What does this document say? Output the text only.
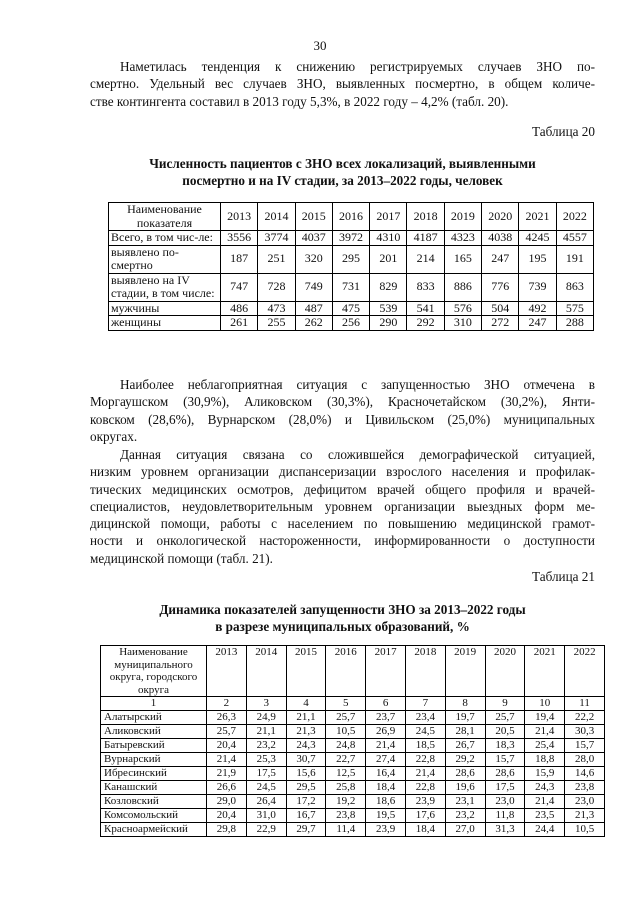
30

Наметилась тенденция к снижению регистрируемых случаев ЗНО по-
смертно. Удельный вес случаев ЗНО, выявленных посмертно, в общем количе-
стве контингента составил в 2013 году 5,3%, в 2022 году – 4,2% (табл. 20).

Таблица 20
Численность пациентов с ЗНО всех локализаций, выявленными
посмертно и на IV стадии, за 2013–2022 годы, человек
Наименование показателя	2013	2014	2015	2016	2017	2018	2019	2020	2021	2022
Всего, в том чис-ле:	3556	3774	4037	3972	4310	4187	4323	4038	4245	4557
выявлено по-смертно	187	251	320	295	201	214	165	247	195	191
выявлено на IV стадии, в том числе:	747	728	749	731	829	833	886	776	739	863
мужчины	486	473	487	475	539	541	576	504	492	575
женщины	261	255	262	256	290	292	310	272	247	288

Наиболее неблагоприятная ситуация с запущенностью ЗНО отмечена в
Моргаушском (30,9%), Аликовском (30,3%), Красночетайском (30,2%), Янти-
ковском (28,6%), Вурнарском (28,0%) и Цивильском (25,0%) муниципальных
округах.

Данная ситуация связана со сложившейся демографической ситуацией,
низким уровнем организации диспансеризации взрослого населения и профилак-
тических медицинских осмотров, дефицитом врачей общего профиля и врачей-
специалистов, неудовлетворительным уровнем организации выездных форм ме-
дицинской помощи, работы с населением по повышению медицинской грамот-
ности и онкологической настороженности, информированности о доступности
медицинской помощи (табл. 21).

Таблица 21
Динамика показателей запущенности ЗНО за 2013–2022 годы
в разрезе муниципальных образований, %
Наименование муниципального округа, городского округа	2013	2014	2015	2016	2017	2018	2019	2020	2021	2022
1	2	3	4	5	6	7	8	9	10	11
Алатырский	26,3	24,9	21,1	25,7	23,7	23,4	19,7	25,7	19,4	22,2
Аликовский	25,7	21,1	21,3	10,5	26,9	24,5	28,1	20,5	21,4	30,3
Батыревский	20,4	23,2	24,3	24,8	21,4	18,5	26,7	18,3	25,4	15,7
Вурнарский	21,4	25,3	30,7	22,7	27,4	22,8	29,2	15,7	18,8	28,0
Ибресинский	21,9	17,5	15,6	12,5	16,4	21,4	28,6	28,6	15,9	14,6
Канашский	26,6	24,5	29,5	25,8	18,4	22,8	19,6	17,5	24,3	23,8
Козловский	29,0	26,4	17,2	19,2	18,6	23,9	23,1	23,0	21,4	23,0
Комсомольский	20,4	31,0	16,7	23,8	19,5	17,6	23,2	11,8	23,5	21,3
Красноармейский	29,8	22,9	29,7	11,4	23,9	18,4	27,0	31,3	24,4	10,5
